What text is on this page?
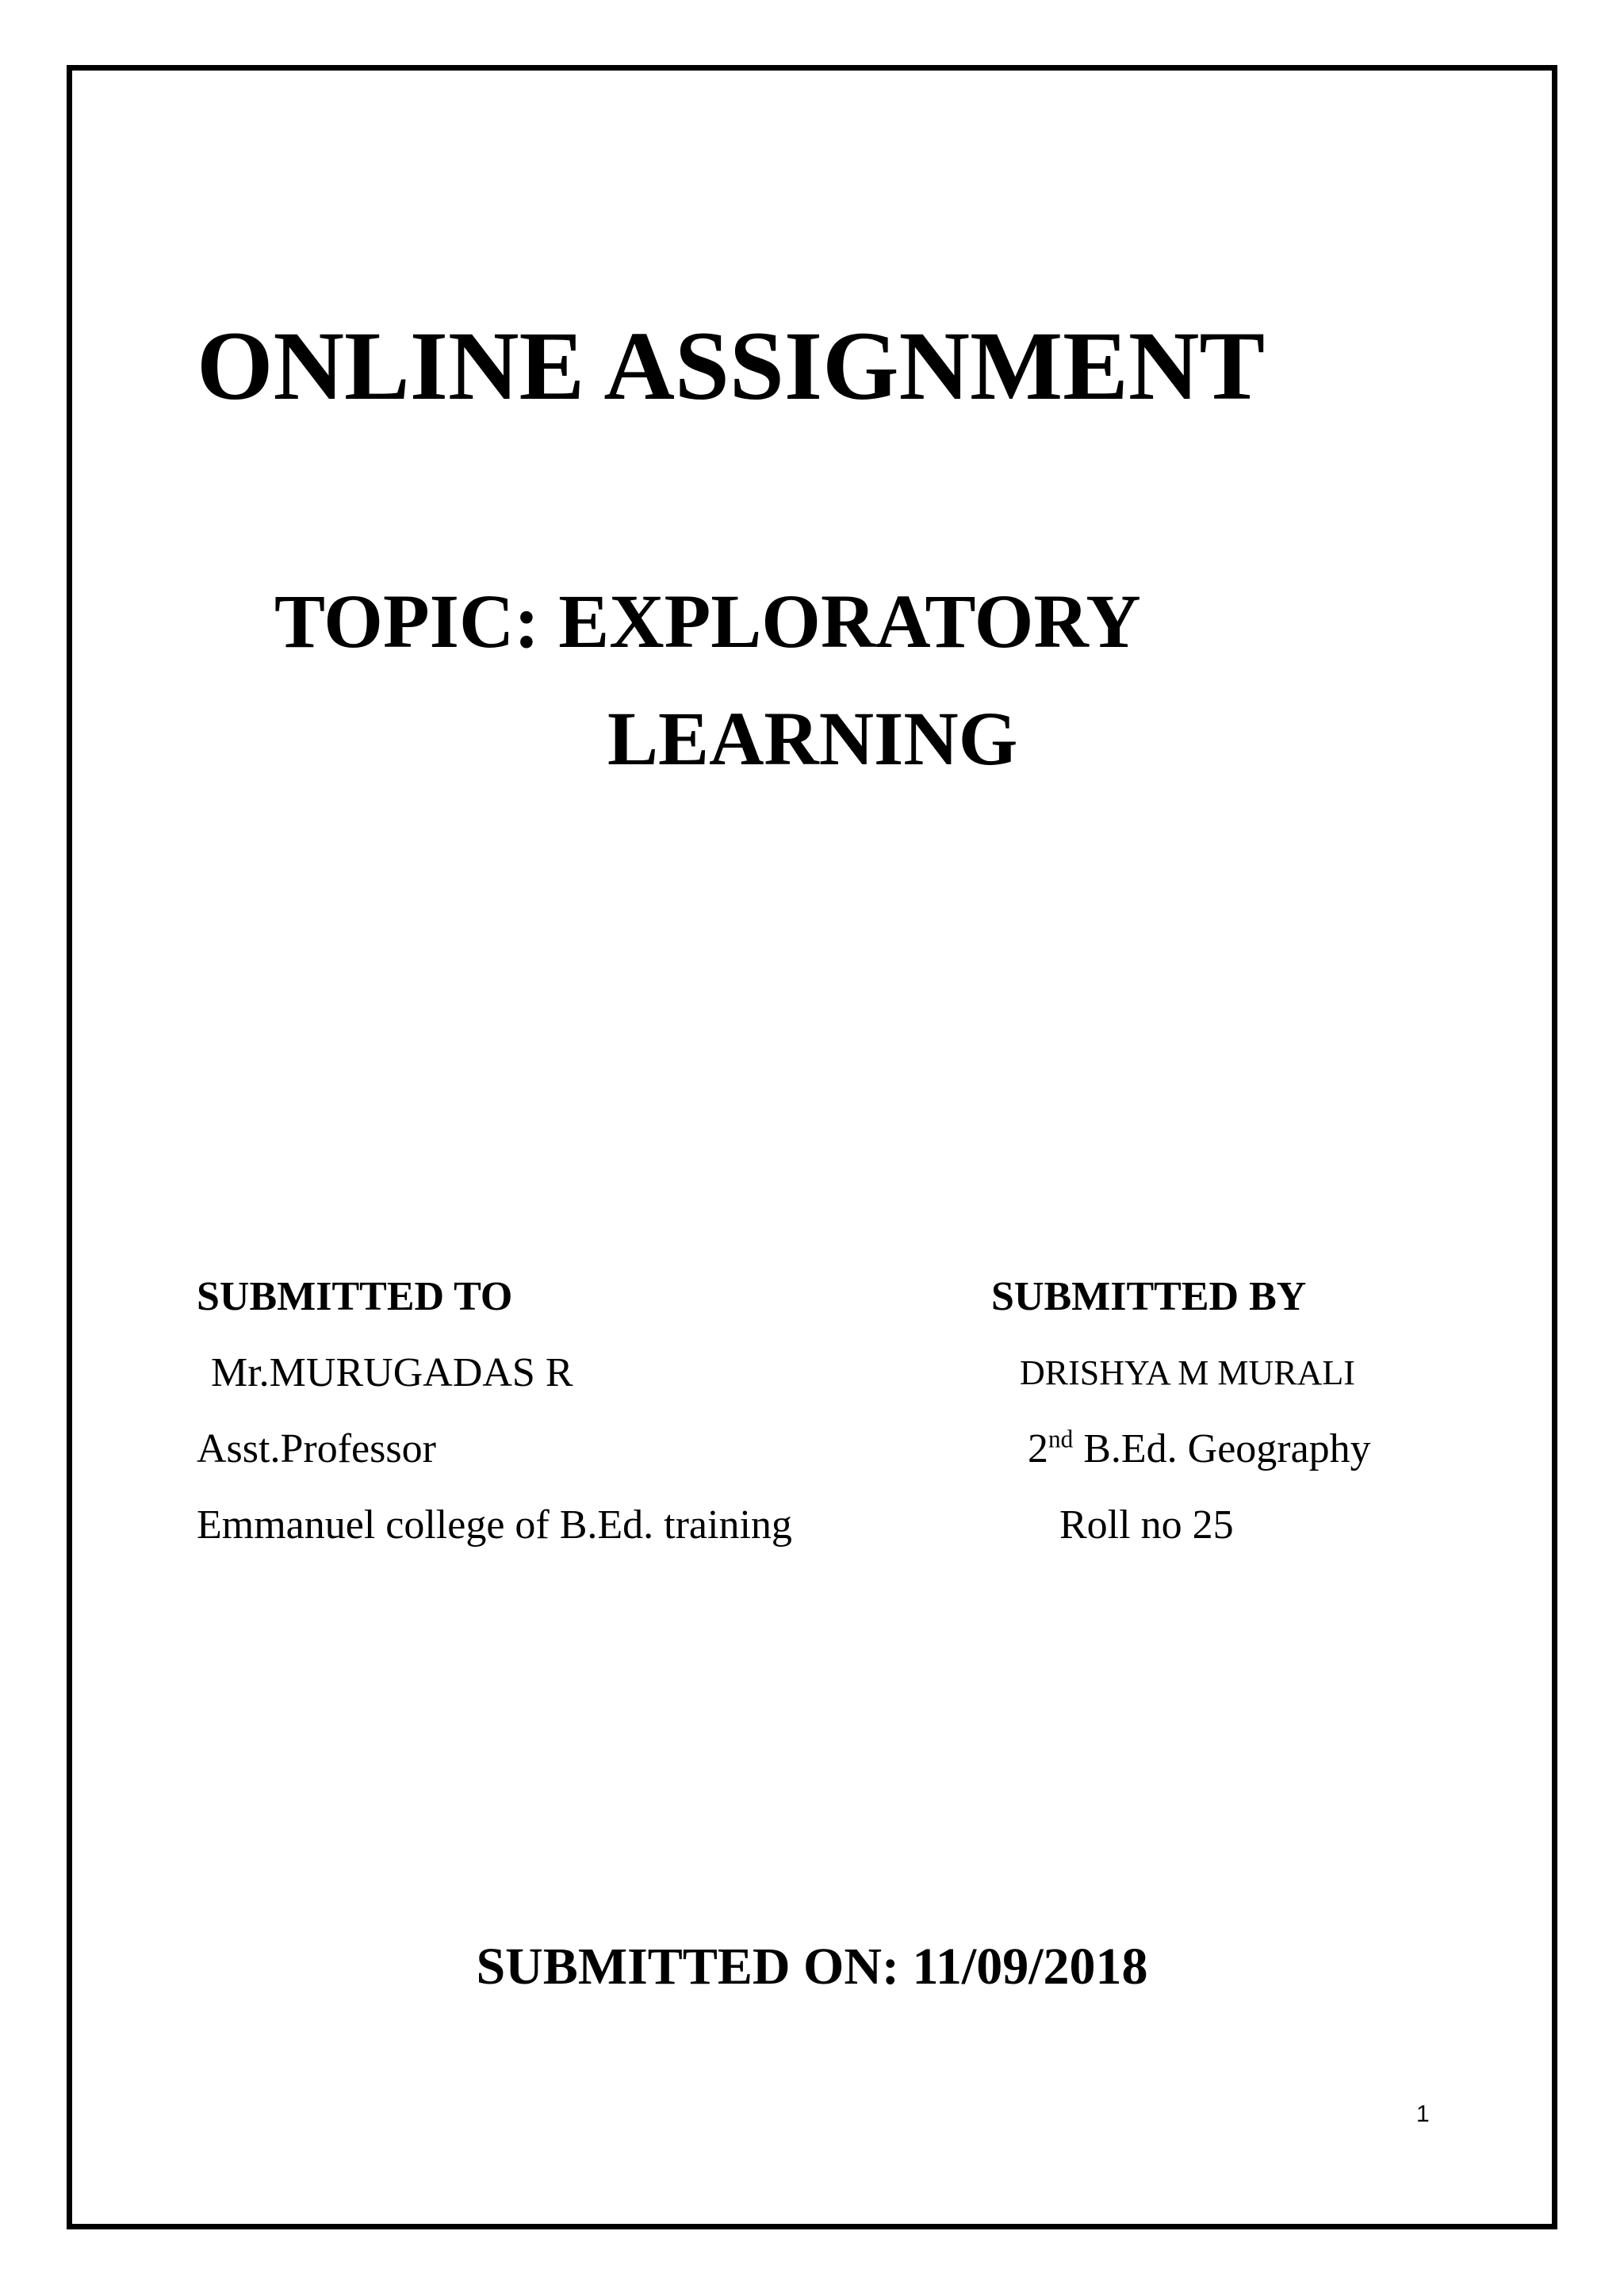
ONLINE ASSIGNMENT
TOPIC: EXPLORATORY
LEARNING
SUBMITTED TO
Mr.MURUGADAS R
Asst.Professor
Emmanuel college of B.Ed. training
SUBMITTED BY
DRISHYA M MURALI
2nd B.Ed. Geography
Roll no 25
SUBMITTED ON: 11/09/2018
1
